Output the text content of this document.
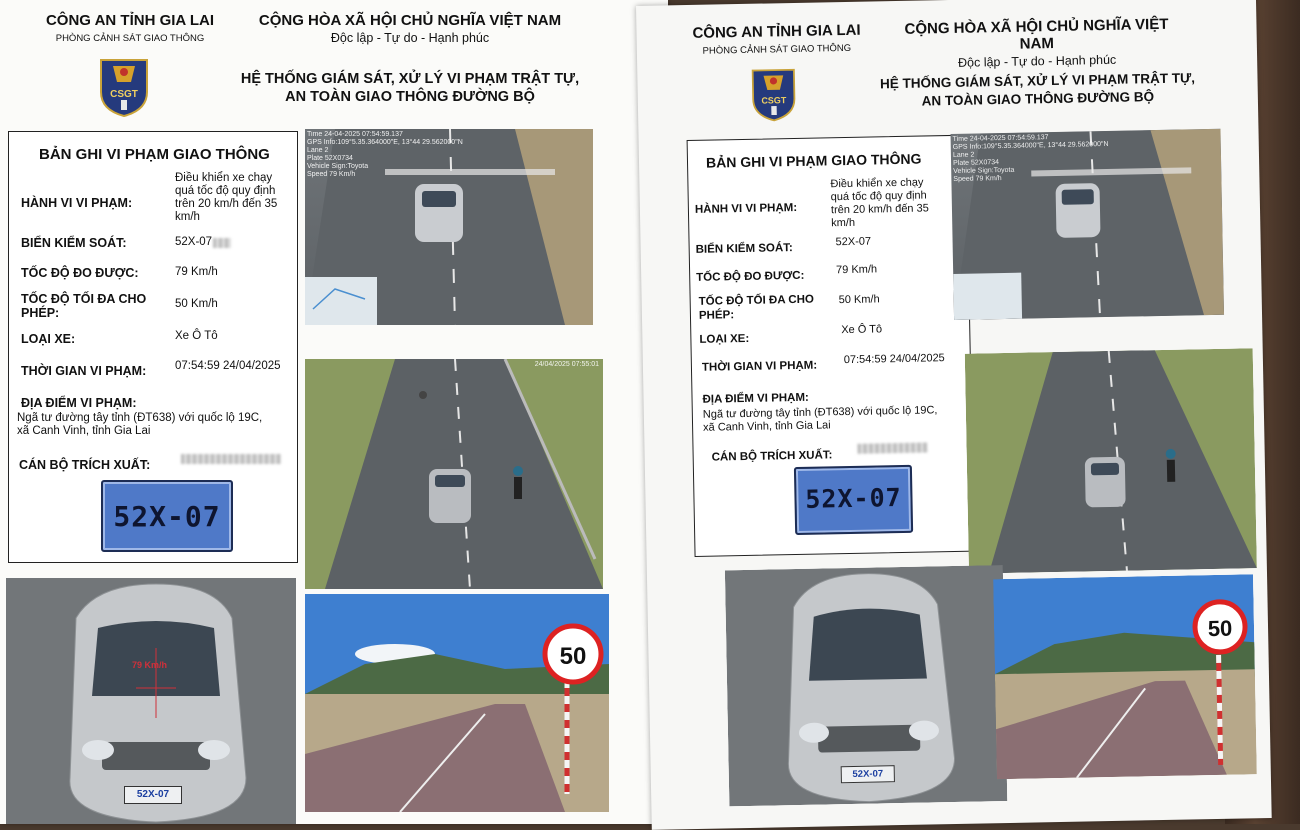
CÔNG AN TỈNH GIA LAI
PHÒNG CẢNH SÁT GIAO THÔNG
CỘNG HÒA XÃ HỘI CHỦ NGHĨA VIỆT NAM
Độc lập - Tự do - Hạnh phúc
CSGT
HỆ THỐNG GIÁM SÁT, XỬ LÝ VI PHẠM TRẬT TỰ,
AN TOÀN GIAO THÔNG ĐƯỜNG BỘ
BẢN GHI VI PHẠM GIAO THÔNG
HÀNH VI VI PHẠM:
Điều khiển xe chạy
quá tốc độ quy định
trên 20 km/h đến 35
km/h
BIỂN KIỂM SOÁT:	52X-07
TỐC ĐỘ ĐO ĐƯỢC:	79 Km/h
TỐC ĐỘ TỐI ĐA CHO
PHÉP:
50 Km/h
LOẠI XE:	Xe Ô Tô
THỜI GIAN VI PHẠM:	07:54:59 24/04/2025
ĐỊA ĐIỂM VI PHẠM:
Ngã tư đường tây tỉnh (ĐT638) với quốc lộ 19C,
xã Canh Vinh, tỉnh Gia Lai
CÁN BỘ TRÍCH XUẤT:
52X-07
Time 24-04-2025 07:54:59.137
GPS Info:109°5.35.364000"E, 13°44 29.562000"N
Lane 2
Plate 52X0734
Vehicle Sign:Toyota
Speed 79 Km/h
24/04/2025 07:55:01
79 Km/h
52X-07
50
CÔNG AN TỈNH GIA LAI
PHÒNG CẢNH SÁT GIAO THÔNG
CỘNG HÒA XÃ HỘI CHỦ NGHĨA VIỆT NAM
Độc lập - Tự do - Hạnh phúc
CSGT
HỆ THỐNG GIÁM SÁT, XỬ LÝ VI PHẠM TRẬT TỰ,
AN TOÀN GIAO THÔNG ĐƯỜNG BỘ
BẢN GHI VI PHẠM GIAO THÔNG
HÀNH VI VI PHẠM:
Điều khiển xe chạy
quá tốc độ quy định
trên 20 km/h đến 35
km/h
BIỂN KIỂM SOÁT:
52X-07
TỐC ĐỘ ĐO ĐƯỢC:
79 Km/h
TỐC ĐỘ TỐI ĐA CHO
PHÉP:
50 Km/h
LOẠI XE:
Xe Ô Tô
THỜI GIAN VI PHẠM:
07:54:59 24/04/2025
ĐỊA ĐIỂM VI PHẠM:
Ngã tư đường tây tỉnh (ĐT638) với quốc lộ 19C,
xã Canh Vinh, tỉnh Gia Lai
CÁN BỘ TRÍCH XUẤT:
52X-07
Time 24-04-2025 07:54:59.137
GPS Info:109°5.35.364000"E, 13°44 29.562000"N
Lane 2
Plate 52X0734
Vehicle Sign:Toyota
Speed 79 Km/h
52X-07
50
